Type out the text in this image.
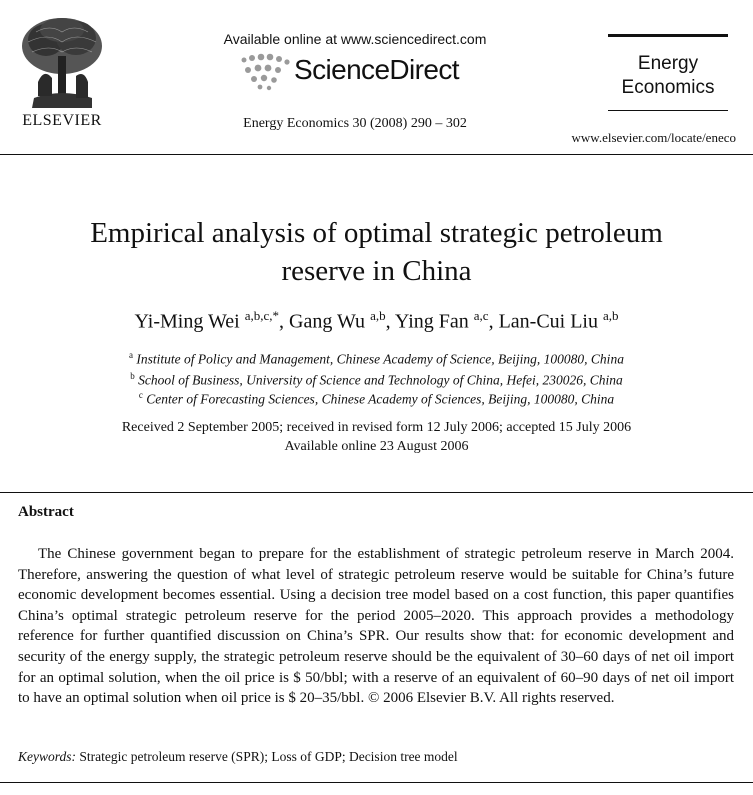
ELSEVIER
Available online at www.sciencedirect.com
ScienceDirect
Energy Economics 30 (2008) 290 – 302
Energy
Economics
www.elsevier.com/locate/eneco
Empirical analysis of optimal strategic petroleum
reserve in China
Yi-Ming Wei $^{a,b,c,*}$, Gang Wu $^{a,b}$, Ying Fan $^{a,c}$, Lan-Cui Liu $^{a,b}$
$^a$ Institute of Policy and Management, Chinese Academy of Science, Beijing, 100080, China
$^b$ School of Business, University of Science and Technology of China, Hefei, 230026, China
$^c$ Center of Forecasting Sciences, Chinese Academy of Sciences, Beijing, 100080, China
Received 2 September 2005; received in revised form 12 July 2006; accepted 15 July 2006
Available online 23 August 2006
Abstract
The Chinese government began to prepare for the establishment of strategic petroleum reserve in March 2004. Therefore, answering the question of what level of strategic petroleum reserve would be suitable for China’s future economic development becomes essential. Using a decision tree model based on a cost function, this paper quantifies China’s optimal strategic petroleum reserve for the period 2005–2020. This approach provides a methodology reference for further quantified discussion on China’s SPR. Our results show that: for economic development and security of the energy supply, the strategic petroleum reserve should be the equivalent of 30–60 days of net oil import for an optimal solution, when the oil price is $ 50/bbl; with a reserve of an equivalent of 60–90 days of net oil import to have an optimal solution when oil price is $ 20–35/bbl. © 2006 Elsevier B.V. All rights reserved.
Keywords: Strategic petroleum reserve (SPR); Loss of GDP; Decision tree model
